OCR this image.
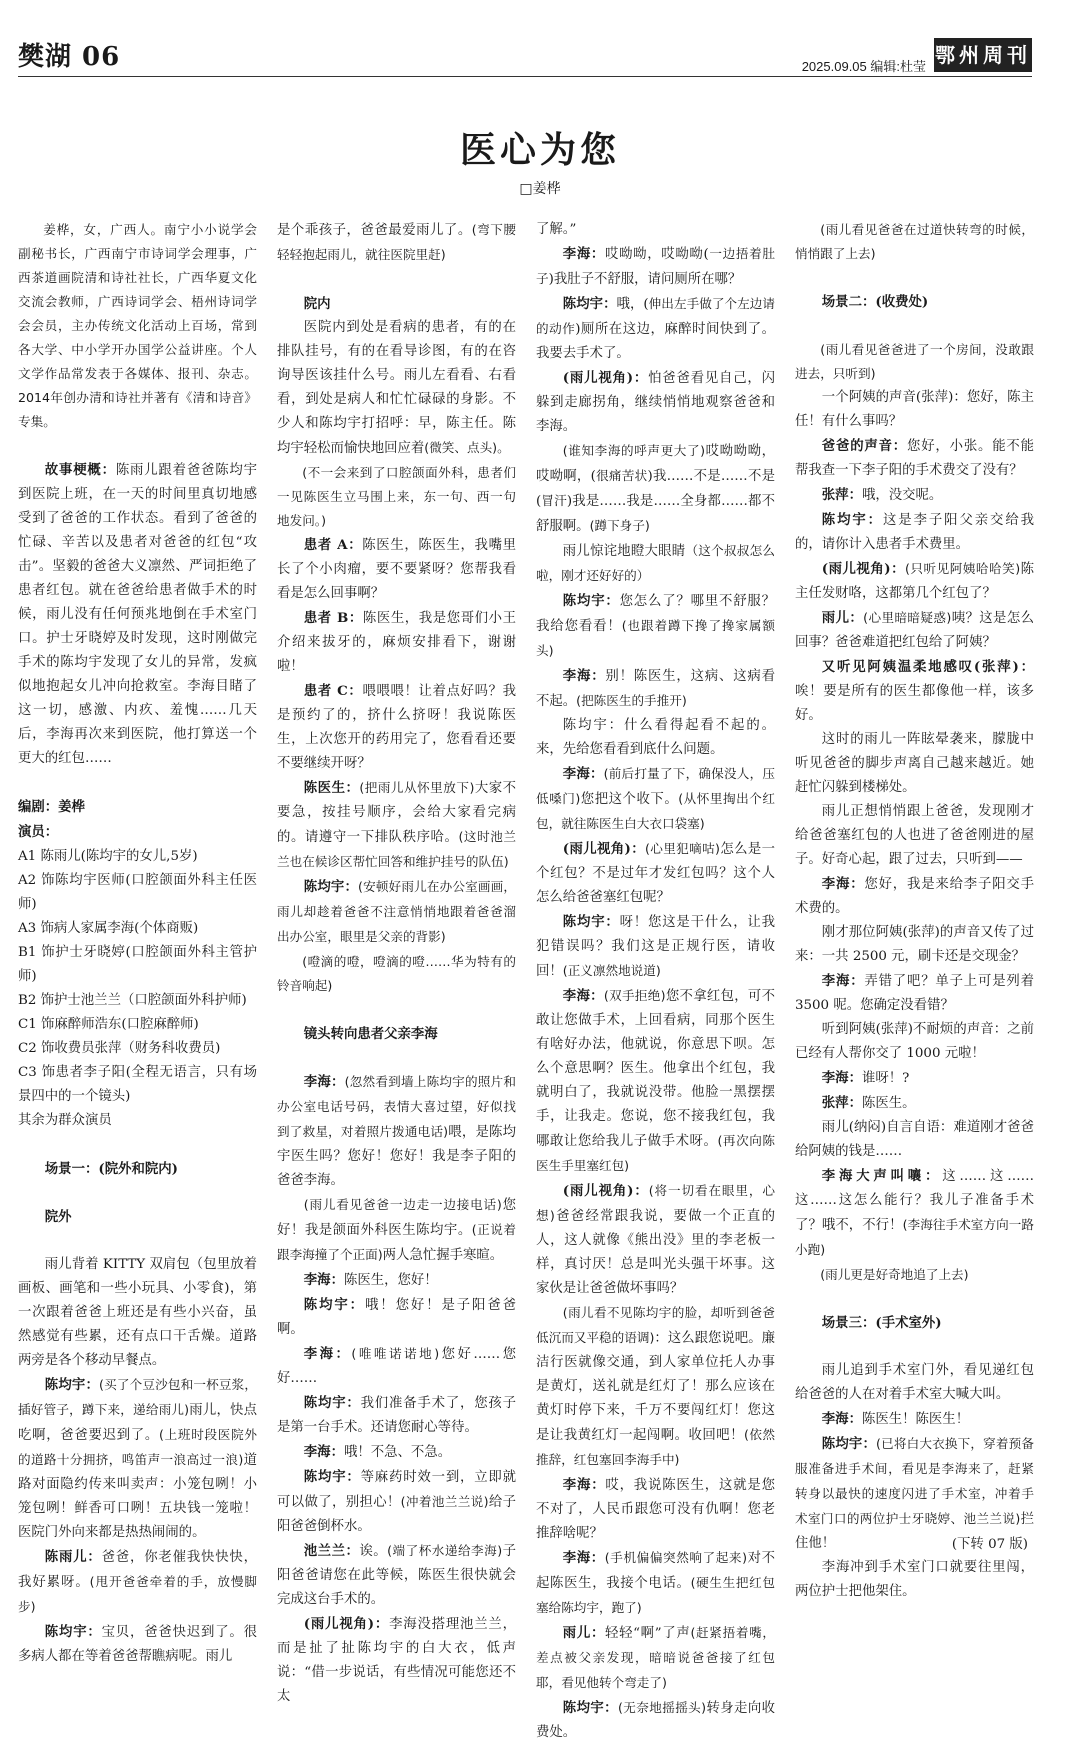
樊湖 06	2025.09.05 编辑:杜莹 鄂州周刊
医心为您
□姜桦

姜桦，女，广西人。南宁小小说学会副秘书长，广西南宁市诗词学会理事，广西茶道画院清和诗社社长，广西华夏文化交流会教师，广西诗词学会、梧州诗词学会会员，主办传统文化活动上百场，常到各大学、中小学开办国学公益讲座。个人文学作品常发表于各媒体、报刊、杂志。2014年创办清和诗社并著有《清和诗音》专集。

故事梗概：陈雨儿跟着爸爸陈均宇到医院上班，在一天的时间里真切地感受到了爸爸的工作状态。看到了爸爸的忙碌、辛苦以及患者对爸爸的红包“攻击”。坚毅的爸爸大义凛然、严词拒绝了患者红包。就在爸爸给患者做手术的时候，雨儿没有任何预兆地倒在手术室门口。护士牙晓婷及时发现，这时刚做完手术的陈均宇发现了女儿的异常，发疯似地抱起女儿冲向抢救室。李海目睹了这一切，感激、内疚、羞愧……几天后，李海再次来到医院，他打算送一个更大的红包……

编剧：姜桦

演员：

A1 陈雨儿(陈均宇的女儿,5岁)

A2 饰陈均宇医师(口腔颌面外科主任医师)

A3 饰病人家属李海(个体商贩)

B1 饰护士牙晓婷(口腔颌面外科主管护师)

B2 饰护士池兰兰（口腔颌面外科护师)

C1 饰麻醉师浩东(口腔麻醉师)

C2 饰收费员张萍（财务科收费员)

C3 饰患者李子阳(全程无语言，只有场景四中的一个镜头)

其余为群众演员

场景一：(院外和院内)

院外

雨儿背着 KITTY 双肩包（包里放着画板、画笔和一些小玩具、小零食)，第一次跟着爸爸上班还是有些小兴奋，虽然感觉有些累，还有点口干舌燥。道路两旁是各个移动早餐点。

陈均宇：(买了个豆沙包和一杯豆浆，插好管子，蹲下来，递给雨儿)雨儿，快点吃啊，爸爸要迟到了。(上班时段医院外的道路十分拥挤，鸣笛声一浪高过一浪)道路对面隐约传来叫卖声：小笼包咧！小笼包咧！鲜香可口咧！五块钱一笼啦！医院门外向来都是热热闹闹的。

陈雨儿：爸爸，你老催我快快快，我好累呀。(甩开爸爸牵着的手，放慢脚步)

陈均宇：宝贝，爸爸快迟到了。很多病人都在等着爸爸帮瞧病呢。雨儿

是个乖孩子，爸爸最爱雨儿了。(弯下腰轻轻抱起雨儿，就往医院里赶)

院内

医院内到处是看病的患者，有的在排队挂号，有的在看导诊图，有的在咨询导医该挂什么号。雨儿左看看、右看看，到处是病人和忙忙碌碌的身影。不少人和陈均宇打招呼：早，陈主任。陈均宇轻松而愉快地回应着(微笑、点头)。

(不一会来到了口腔颌面外科，患者们一见陈医生立马围上来，东一句、西一句地发问。)

患者 A：陈医生，陈医生，我嘴里长了个小肉瘤，要不要紧呀？您帮我看看是怎么回事啊？

患者 B：陈医生，我是您哥们小王介绍来拔牙的，麻烦安排看下，谢谢啦！

患者 C：喂喂喂！让着点好吗？我是预约了的，挤什么挤呀！我说陈医生，上次您开的药用完了，您看看还要不要继续开呀？

陈医生：(把雨儿从怀里放下)大家不要急，按挂号顺序，会给大家看完病的。请遵守一下排队秩序哈。(这时池兰兰也在候诊区帮忙回答和维护挂号的队伍)

陈均宇：(安顿好雨儿在办公室画画，雨儿却趁着爸爸不注意悄悄地跟着爸爸溜出办公室，眼里是父亲的背影)

(噔滴的噔，噔滴的噔……华为特有的铃音响起)

镜头转向患者父亲李海

李海：(忽然看到墙上陈均宇的照片和办公室电话号码，表情大喜过望，好似找到了救星，对着照片拨通电话)喂，是陈均宇医生吗？您好！您好！我是李子阳的爸爸李海。

(雨儿看见爸爸一边走一边接电话)您好！我是颌面外科医生陈均宇。(正说着跟李海撞了个正面)两人急忙握手寒暄。

李海：陈医生，您好！

陈均宇：哦！您好！是子阳爸爸啊。

李海：(唯唯诺诺地)您好……您好……

陈均宇：我们准备手术了，您孩子是第一台手术。还请您耐心等待。

李海：哦！不急、不急。

陈均宇：等麻药时效一到，立即就可以做了，别担心！(冲着池兰兰说)给子阳爸爸倒杯水。

池兰兰：诶。(端了杯水递给李海)子阳爸爸请您在此等候，陈医生很快就会完成这台手术的。

(雨儿视角)：李海没搭理池兰兰，而是扯了扯陈均宇的白大衣，低声说：“借一步说话，有些情况可能您还不太

了解。”

李海：哎呦呦，哎呦呦(一边捂着肚子)我肚子不舒服，请问厕所在哪？

陈均宇：哦，(伸出左手做了个左边请的动作)厕所在这边，麻醉时间快到了。我要去手术了。

(雨儿视角)：怕爸爸看见自己，闪躲到走廊拐角，继续悄悄地观察爸爸和李海。

(谁知李海的呼声更大了)哎呦呦呦，哎呦啊，(很痛苦状)我……不是……不是(冒汗)我是……我是……全身都……都不舒服啊。(蹲下身子)

雨儿惊诧地瞪大眼睛（这个叔叔怎么啦，刚才还好好的）

陈均宇：您怎么了？哪里不舒服？我给您看看！(也跟着蹲下搀了搀家属额头)

李海：别！陈医生，这病、这病看不起。(把陈医生的手推开)

陈均宇：什么看得起看不起的。来，先给您看看到底什么问题。

李海：(前后打量了下，确保没人，压低嗓门)您把这个收下。(从怀里掏出个红包，就往陈医生白大衣口袋塞)

(雨儿视角)：(心里犯嘀咕)怎么是一个红包？不是过年才发红包吗？这个人怎么给爸爸塞红包呢？

陈均宇：呀！您这是干什么，让我犯错误吗？我们这是正规行医，请收回！(正义凛然地说道)

李海：(双手拒绝)您不拿红包，可不敢让您做手术，上回看病，同那个医生有啥好办法，他就说，你意思下呗。怎么个意思啊？医生。他拿出个红包，我就明白了，我就说没带。他脸一黑摆摆手，让我走。您说，您不接我红包，我哪敢让您给我儿子做手术呀。(再次向陈医生手里塞红包)

(雨儿视角)：(将一切看在眼里，心想)爸爸经常跟我说，要做一个正直的人，这人就像《熊出没》里的李老板一样，真讨厌！总是叫光头强干坏事。这家伙是让爸爸做坏事吗？

(雨儿看不见陈均宇的脸，却听到爸爸低沉而又平稳的语调)：这么跟您说吧。廉洁行医就像交通，到人家单位托人办事是黄灯，送礼就是红灯了！那么应该在黄灯时停下来，千万不要闯红灯！您这是让我黄红灯一起闯啊。收回吧！(依然推辞，红包塞回李海手中)

李海：哎，我说陈医生，这就是您不对了，人民币跟您可没有仇啊！您老推辞啥呢？

李海：(手机偏偏突然响了起来)对不起陈医生，我接个电话。(硬生生把红包塞给陈均宇，跑了)

雨儿：轻轻“啊”了声(赶紧捂着嘴，差点被父亲发现，暗暗说爸爸接了红包耶，看见他转个弯走了)

陈均宇：(无奈地摇摇头)转身走向收费处。

(雨儿看见爸爸在过道快转弯的时候，悄悄跟了上去)

场景二：(收费处)

(雨儿看见爸爸进了一个房间，没敢跟进去，只听到)

一个阿姨的声音(张萍)：您好，陈主任！有什么事吗？

爸爸的声音：您好，小张。能不能帮我查一下李子阳的手术费交了没有？

张萍：哦，没交呢。

陈均宇：这是李子阳父亲交给我的，请你计入患者手术费里。

(雨儿视角)：(只听见阿姨哈哈笑)陈主任发财咯，这都第几个红包了？

雨儿：(心里暗暗疑惑)咦？这是怎么回事？爸爸难道把红包给了阿姨？

又听见阿姨温柔地感叹(张萍)：唉！要是所有的医生都像他一样，该多好。

这时的雨儿一阵眩晕袭来，朦胧中听见爸爸的脚步声离自己越来越近。她赶忙闪躲到楼梯处。

雨儿正想悄悄跟上爸爸，发现刚才给爸爸塞红包的人也进了爸爸刚进的屋子。好奇心起，跟了过去，只听到——

李海：您好，我是来给李子阳交手术费的。

刚才那位阿姨(张萍)的声音又传了过来：一共 2500 元，刷卡还是交现金？

李海：弄错了吧？单子上可是列着3500 呢。您确定没看错？

听到阿姨(张萍)不耐烦的声音：之前已经有人帮你交了 1000 元啦！

李海：谁呀！?

张萍：陈医生。

雨儿(纳闷)自言自语：难道刚才爸爸给阿姨的钱是……

李海大声叫嚷：这……这……这……这怎么能行？我儿子准备手术了？哦不，不行！(李海往手术室方向一路小跑)

(雨儿更是好奇地追了上去)

场景三：(手术室外)

雨儿追到手术室门外，看见递红包给爸爸的人在对着手术室大喊大叫。

李海：陈医生！陈医生！

陈均宇：(已将白大衣换下，穿着预备服准备进手术间，看见是李海来了，赶紧转身以最快的速度闪进了手术室，冲着手术室门口的两位护士牙晓婷、池兰兰说)拦住他！

李海冲到手术室门口就要往里闯，两位护士把他架住。

(下转 07 版)
